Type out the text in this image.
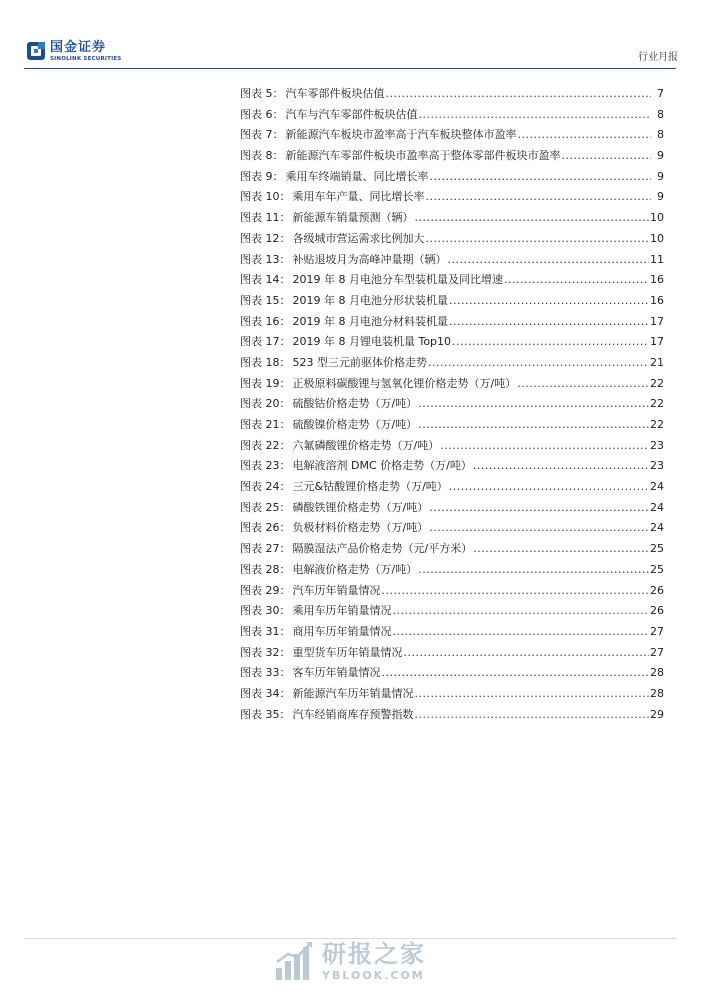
国金证券
SINOLINK SECURITIES	行业月报
图表 5： 汽车零部件板块估值 .....	7
图表 6： 汽车与汽车零部件板块估值 .....	8
图表 7： 新能源汽车板块市盈率高于汽车板块整体市盈率 .....	8
图表 8： 新能源汽车零部件板块市盈率高于整体零部件板块市盈率 .....	9
图表 9： 乘用车终端销量、同比增长率 .....	9
图表 10： 乘用车年产量、同比增长率 .....	9
图表 11： 新能源车销量预测（辆） .....	10
图表 12： 各级城市营运需求比例加大 .....	10
图表 13： 补贴退坡月为高峰冲量期（辆） .....	11
图表 14： 2019 年 8 月电池分车型装机量及同比增速 .....	16
图表 15： 2019 年 8 月电池分形状装机量 .....	16
图表 16： 2019 年 8 月电池分材料装机量 .....	17
图表 17： 2019 年 8 月锂电装机量 Top10 .....	17
图表 18： 523 型三元前驱体价格走势 .....	21
图表 19： 正极原料碳酸锂与氢氧化锂价格走势（万/吨） .....	22
图表 20： 硫酸钴价格走势（万/吨） .....	22
图表 21： 硫酸镍价格走势（万/吨） .....	22
图表 22： 六氟磷酸锂价格走势（万/吨） .....	23
图表 23： 电解液溶剂 DMC 价格走势（万/吨） .....	23
图表 24： 三元&钴酸锂价格走势（万/吨） .....	24
图表 25： 磷酸铁锂价格走势（万/吨） .....	24
图表 26： 负极材料价格走势（万/吨） .....	24
图表 27： 隔膜湿法产品价格走势（元/平方米） .....	25
图表 28： 电解液价格走势（万/吨） .....	25
图表 29： 汽车历年销量情况 .....	26
图表 30： 乘用车历年销量情况 .....	26
图表 31： 商用车历年销量情况 .....	27
图表 32： 重型货车历年销量情况 .....	27
图表 33： 客车历年销量情况 .....	28
图表 34： 新能源汽车历年销量情况 .....	28
图表 35： 汽车经销商库存预警指数 .....	29
研报之家
YBLOOK.COM
